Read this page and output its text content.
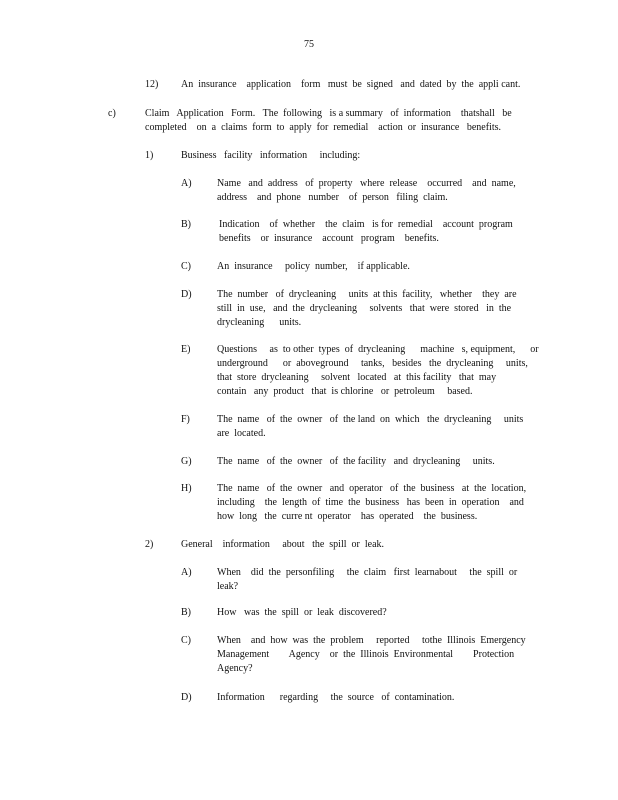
75
12) An  insurance    application    form   must  be  signed   and  dated  by  the  appli cant.

c)	Claim   Application   Form.   The  following   is a summary   of  information    thatshall   be

completed    on  a  claims  form  to  apply  for  remedial    action  or  insurance   benefits.

1)	Business   facility   information     including:

A)	Name   and  address   of  property   where  release    occurred    and  name,

address    and  phone   number    of  person   filing  claim.

B)	Indication    of  whether    the  claim   is for  remedial    account  program

benefits    or  insurance    account   program    benefits.

C)	An  insurance     policy  number,    if applicable.

D)	The  number   of  drycleaning     units  at this  facility,   whether    they  are

still  in  use,   and  the  drycleaning     solvents   that  were  stored   in  the

drycleaning      units.

E)	Questions     as  to other  types  of  drycleaning      machine   s, equipment,      or

underground      or  aboveground     tanks,   besides   the  drycleaning     units,

that  store  drycleaning     solvent   located   at  this facility   that  may

contain   any  product   that  is chlorine   or  petroleum     based.

F)	The  name   of  the  owner   of  the land  on  which   the  drycleaning     units

are  located.

G)	The  name   of  the  owner   of  the facility   and  drycleaning     units.

H)	The  name   of  the  owner   and  operator   of  the  business   at  the  location,

including    the  length  of  time  the  business   has  been  in  operation    and

how  long   the  curre nt  operator    has  operated    the  business.

2)	General    information     about   the  spill  or  leak.

A)	When    did  the  personfiling     the  claim   first  learnabout     the  spill  or

leak?

B)	How   was  the  spill  or  leak  discovered?

C)	When    and  how  was  the  problem     reported     tothe  Illinois  Emergency

Management        Agency    or  the  Illinois  Environmental        Protection

Agency?

D)	Information      regarding     the  source   of  contamination.
